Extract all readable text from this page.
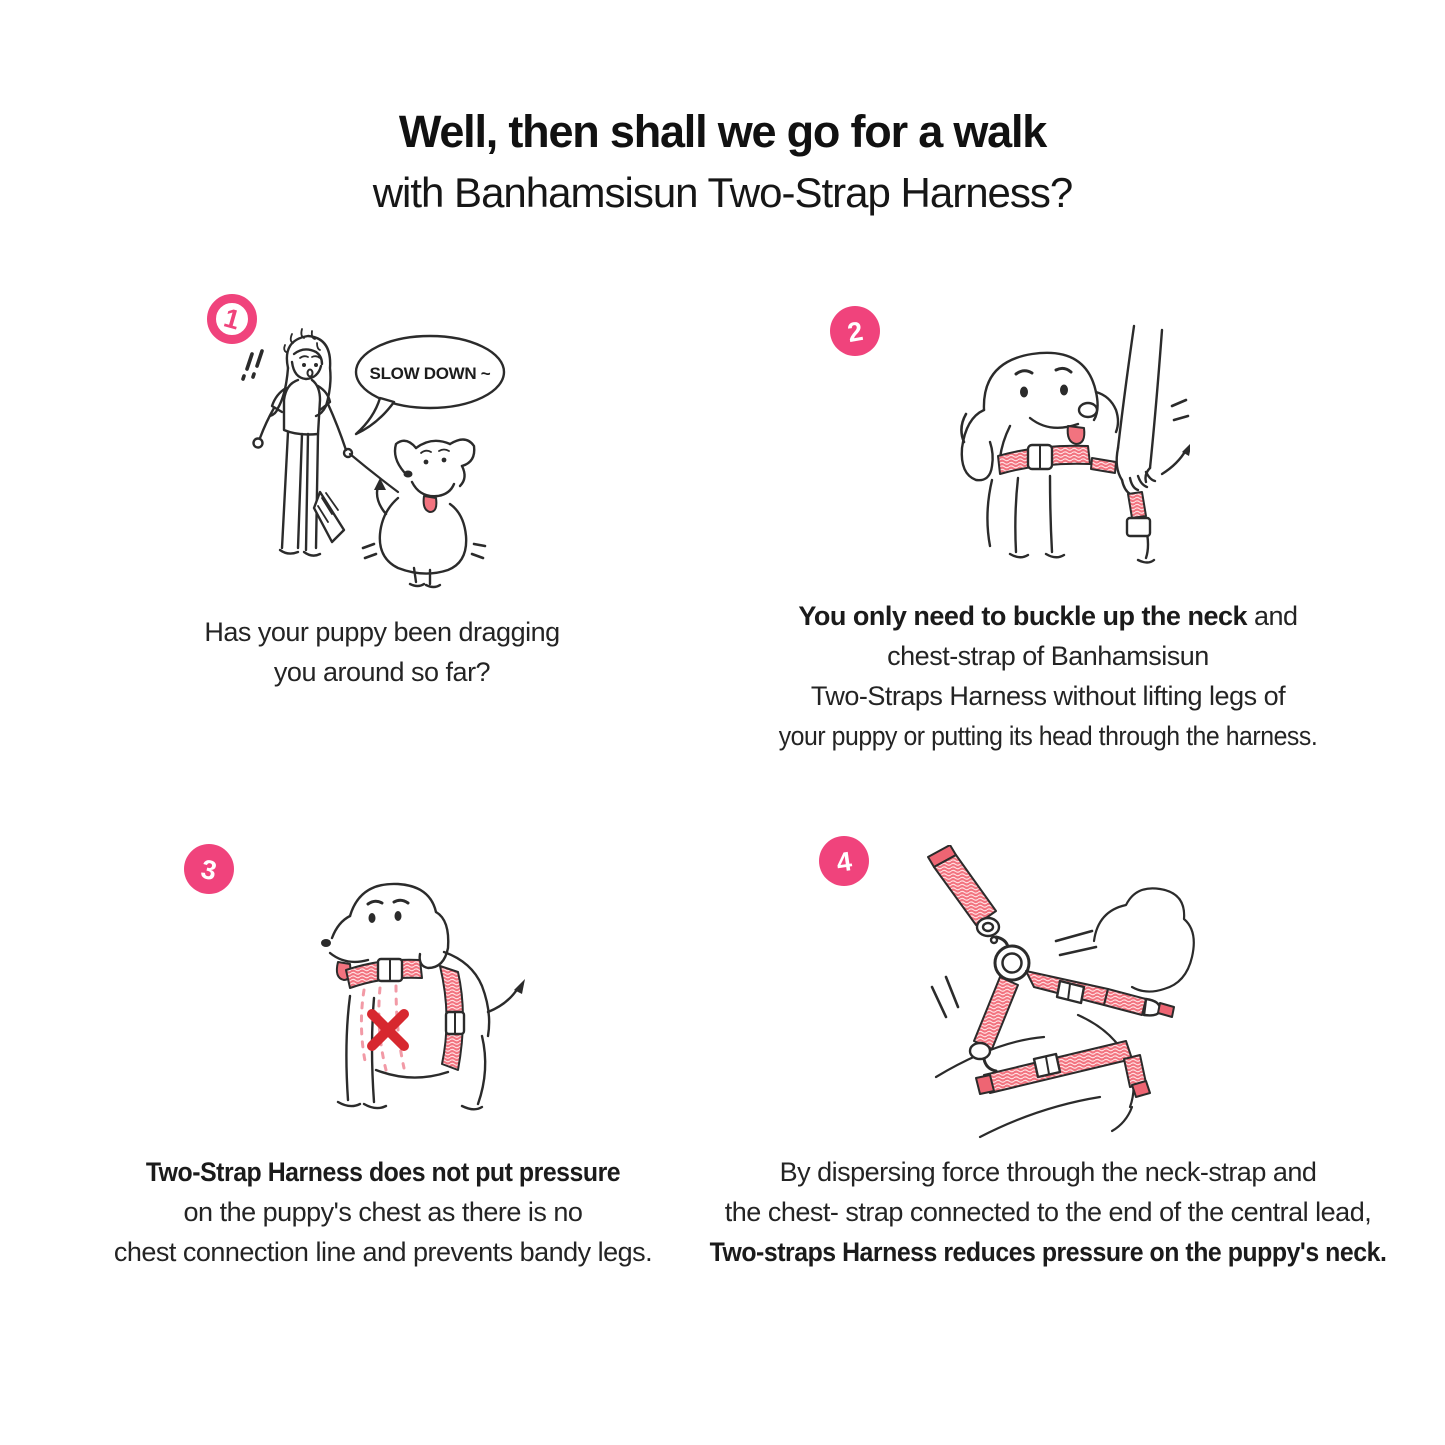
Well, then shall we go for a walk
with Banhamsisun Two-Strap Harness?
1
SLOW DOWN ~

Has your puppy been dragging
you around so far?

2

You only need to buckle up the neck and
chest-strap of Banhamsisun
Two-Straps Harness without lifting legs of
your puppy or putting its head through the harness.

3

Two-Strap Harness does not put pressure
on the puppy's chest as there is no
chest connection line and prevents bandy legs.

4

By dispersing force through the neck-strap and
the chest- strap connected to the end of the central lead,
Two-straps Harness reduces pressure on the puppy's neck.
